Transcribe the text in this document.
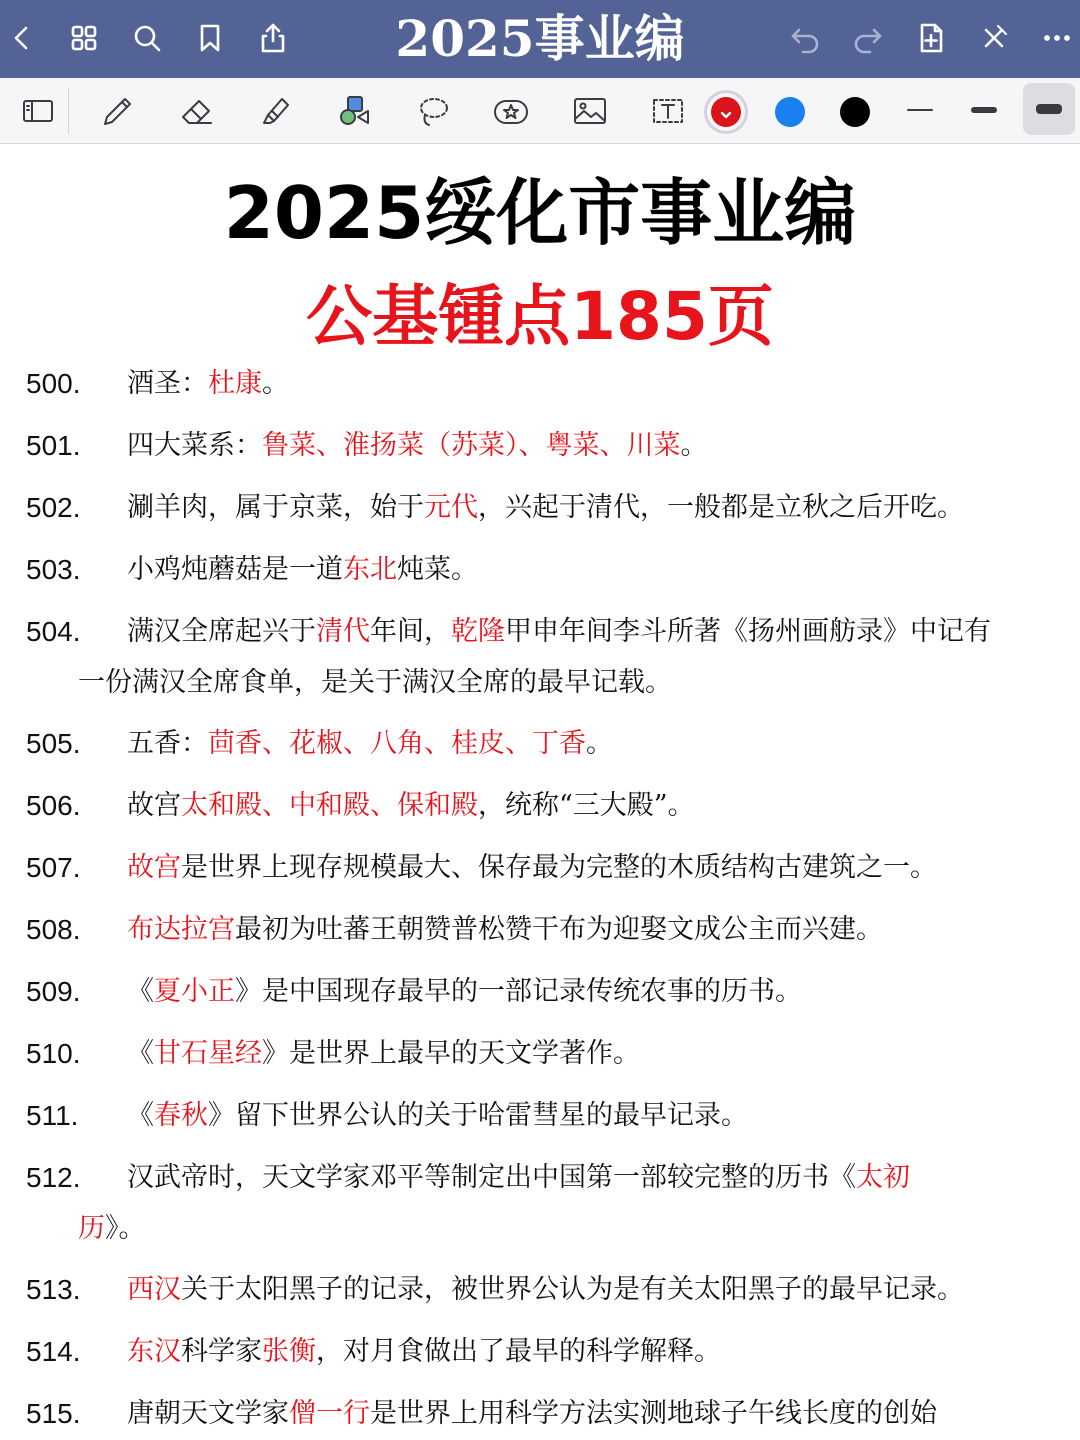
2025事业编
2025绥化市事业编
公基锺点185页
500. 酒圣：杜康。
501. 四大菜系：鲁菜、淮扬菜（苏菜）、粤菜、川菜。
502. 涮羊肉，属于京菜，始于元代，兴起于清代，一般都是立秋之后开吃。
503. 小鸡炖蘑菇是一道东北炖菜。
504. 满汉全席起兴于清代年间，乾隆甲申年间李斗所著《扬州画舫录》中记有
一份满汉全席食单，是关于满汉全席的最早记载。
505. 五香：茴香、花椒、八角、桂皮、丁香。
506. 故宫太和殿、中和殿、保和殿，统称“三大殿”。
507. 故宫是世界上现存规模最大、保存最为完整的木质结构古建筑之一。
508. 布达拉宫最初为吐蕃王朝赞普松赞干布为迎娶文成公主而兴建。
509. 《夏小正》是中国现存最早的一部记录传统农事的历书。
510. 《甘石星经》是世界上最早的天文学著作。
511. 《春秋》留下世界公认的关于哈雷彗星的最早记录。
512. 汉武帝时，天文学家邓平等制定出中国第一部较完整的历书《太初
历》。
513. 西汉关于太阳黑子的记录，被世界公认为是有关太阳黑子的最早记录。
514. 东汉科学家张衡，对月食做出了最早的科学解释。
515. 唐朝天文学家僧一行是世界上用科学方法实测地球子午线长度的创始
